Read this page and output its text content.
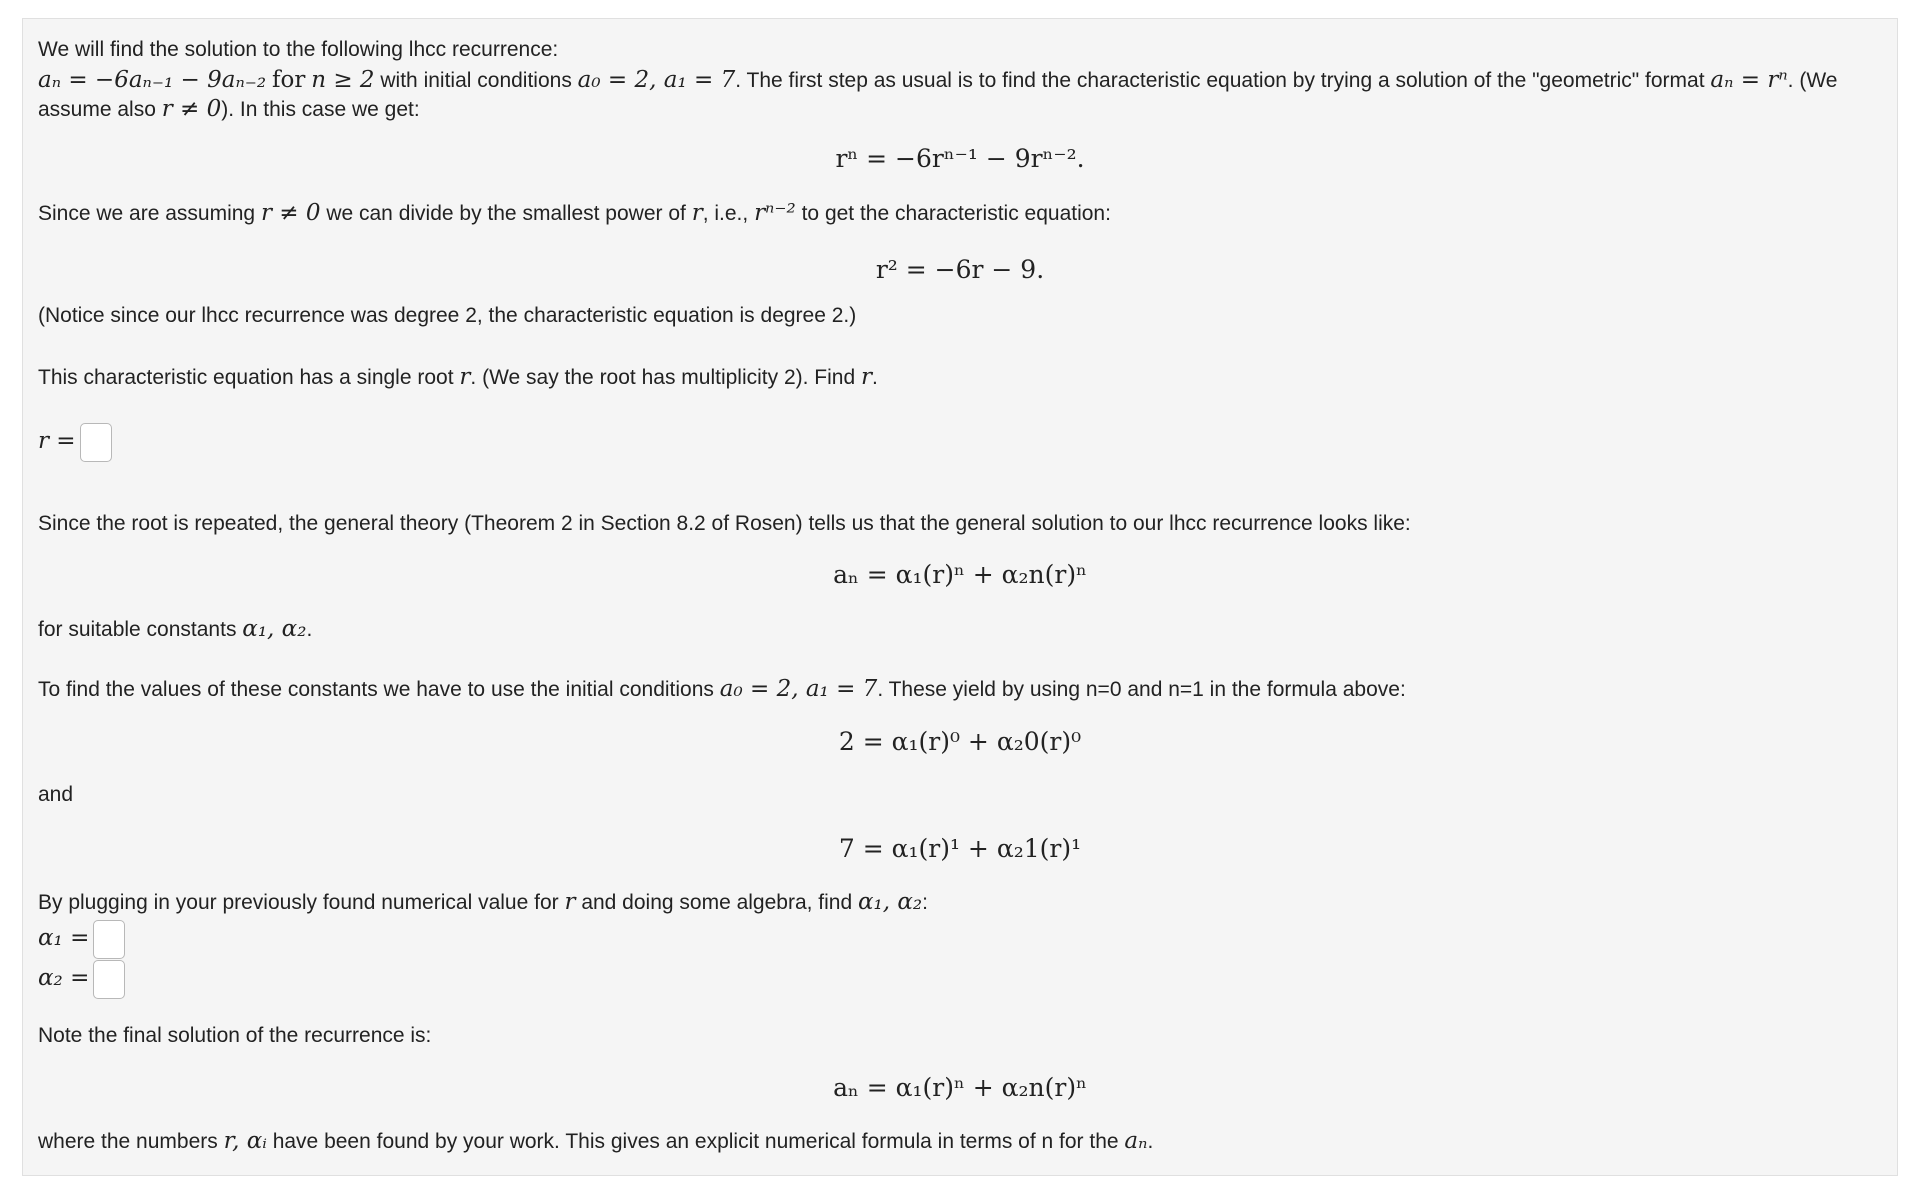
We will find the solution to the following lhcc recurrence:
aₙ = −6aₙ₋₁ − 9aₙ₋₂ for n ≥ 2 with initial conditions a₀ = 2, a₁ = 7. The first step as usual is to find the characteristic equation by trying a solution of the "geometric" format aₙ = rⁿ. (We
assume also r ≠ 0). In this case we get:
rⁿ = −6rⁿ⁻¹ − 9rⁿ⁻².
Since we are assuming r ≠ 0 we can divide by the smallest power of r, i.e., rⁿ⁻² to get the characteristic equation:
r² = −6r − 9.
(Notice since our lhcc recurrence was degree 2, the characteristic equation is degree 2.)
This characteristic equation has a single root r. (We say the root has multiplicity 2). Find r.
r =
Since the root is repeated, the general theory (Theorem 2 in Section 8.2 of Rosen) tells us that the general solution to our lhcc recurrence looks like:
aₙ = α₁(r)ⁿ + α₂n(r)ⁿ
for suitable constants α₁, α₂.
To find the values of these constants we have to use the initial conditions a₀ = 2, a₁ = 7. These yield by using n=0 and n=1 in the formula above:
2 = α₁(r)⁰ + α₂0(r)⁰
and
7 = α₁(r)¹ + α₂1(r)¹
By plugging in your previously found numerical value for r and doing some algebra, find α₁, α₂:
α₁ =
α₂ =
Note the final solution of the recurrence is:
aₙ = α₁(r)ⁿ + α₂n(r)ⁿ
where the numbers r, αᵢ have been found by your work. This gives an explicit numerical formula in terms of n for the aₙ.
